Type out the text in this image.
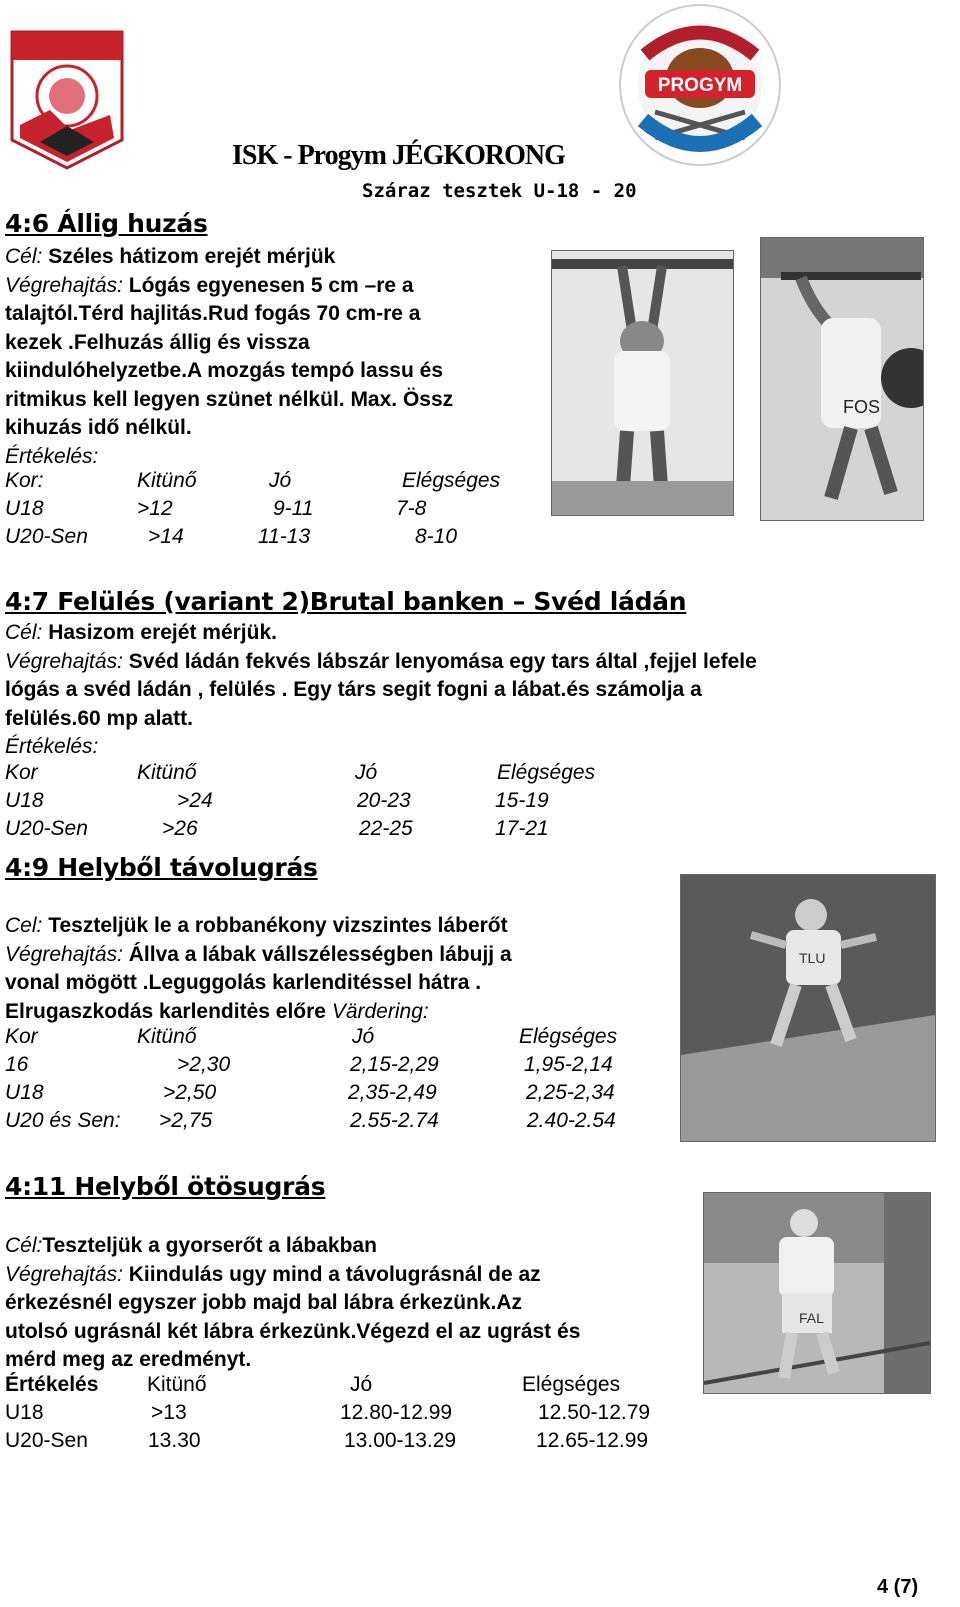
PROGYM
ISK - Progym JÉGKORONG
Száraz tesztek U-18 - 20
4:6 Állig huzás
Cél: Széles hátizom erejét mérjük
Végrehajtás: Lógás egyenesen 5 cm –re a
talajtól.Térd hajlitás.Rud fogás 70 cm-re a
kezek .Felhuzás állig és vissza
kiindulóhelyzetbe.A mozgás tempó lassu és
ritmikus kell legyen szünet nélkül. Max. Össz
kihuzás idő nélkül.
Értékelés:
Kor:	Kitünő	Jó	Elégséges
U18	>12	9-11	7-8
U20-Sen	>14	11-13	8-10
FOS
4:7 Felülés (variant 2)Brutal banken – Svéd ládán
Cél: Hasizom erejét mérjük.
Végrehajtás: Svéd ládán fekvés lábszár lenyomása egy tars által ,fejjel lefele
lógás a svéd ládán , felülés . Egy társ segit fogni a lábat.és számolja a
felülés.60 mp alatt.
Értékelés:
Kor	Kitünő	Jó	Elégséges
U18	>24	20-23	15-19
U20-Sen	>26	22-25	17-21
4:9 Helyből távolugrás
Cel: Teszteljük le a robbanékony vizszintes láberőt
Végrehajtás: Állva a lábak vállszélességben lábujj a
vonal mögött .Leguggolás karlenditéssel hátra .
Elrugaszkodás karlenditės előre Värdering:
Kor	Kitünő	Jó	Elégséges
16	>2,30	2,15-2,29	1,95-2,14
U18	>2,50	2,35-2,49	2,25-2,34
U20 és Sen: >2,75	2.55-2.74	2.40-2.54
TLU
4:11 Helyből ötösugrás
Cél:Teszteljük a gyorserőt a lábakban
Végrehajtás: Kiindulás ugy mind a távolugrásnál de az
érkezésnél egyszer jobb majd bal lábra érkezünk.Az
utolsó ugrásnál két lábra érkezünk.Végezd el az ugrást és
mérd meg az eredményt.
Értékelés Kitünő	Jó	Elégséges
U18	>13	12.80-12.99	12.50-12.79
U20-Sen	13.30	13.00-13.29	12.65-12.99
FAL
4 (7)
